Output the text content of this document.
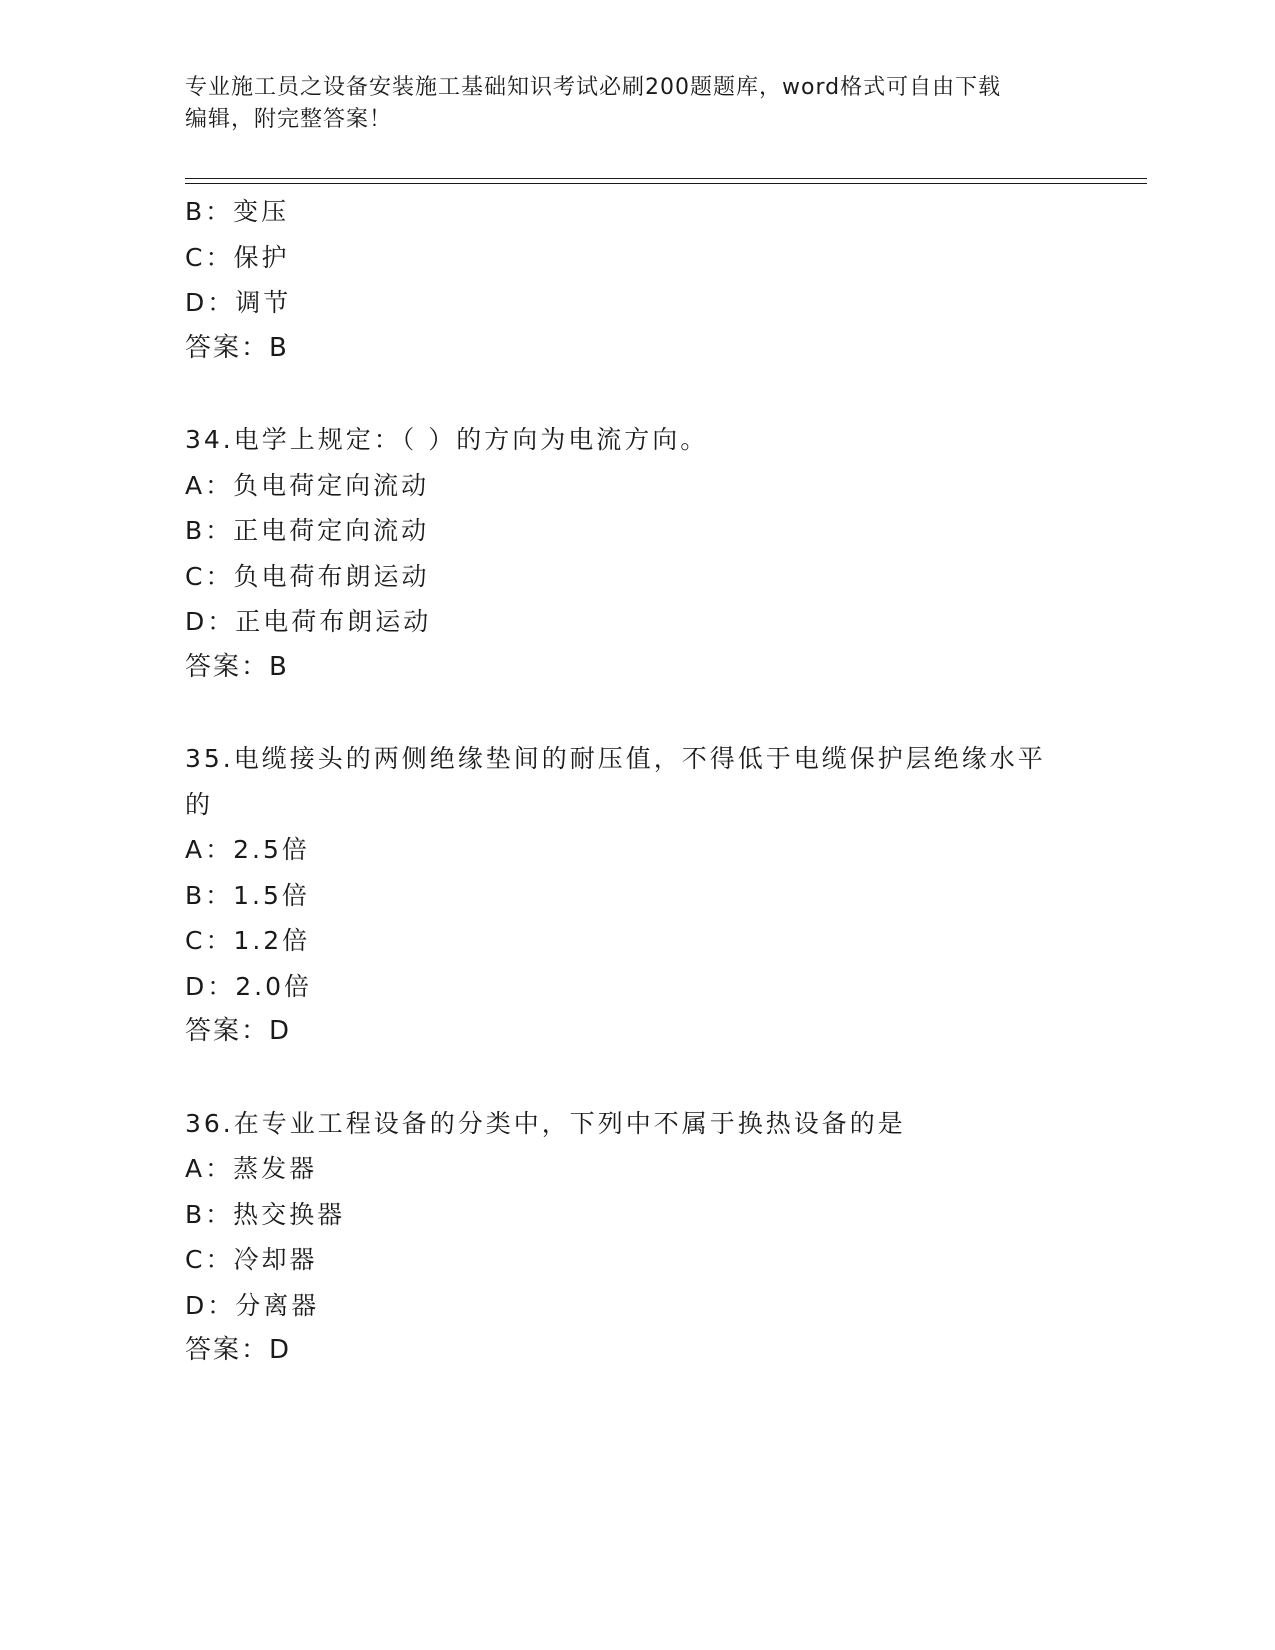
专业施工员之设备安装施工基础知识考试必刷200题题库，word格式可自由下载
编辑，附完整答案！
B：变压
C：保护
D：调节
答案：B
34.电学上规定：（ ）的方向为电流方向。
A：负电荷定向流动
B：正电荷定向流动
C：负电荷布朗运动
D：正电荷布朗运动
答案：B
35.电缆接头的两侧绝缘垫间的耐压值，不得低于电缆保护层绝缘水平的
A：2.5倍
B：1.5倍
C：1.2倍
D：2.0倍
答案：D
36.在专业工程设备的分类中，下列中不属于换热设备的是
A：蒸发器
B：热交换器
C：冷却器
D：分离器
答案：D
